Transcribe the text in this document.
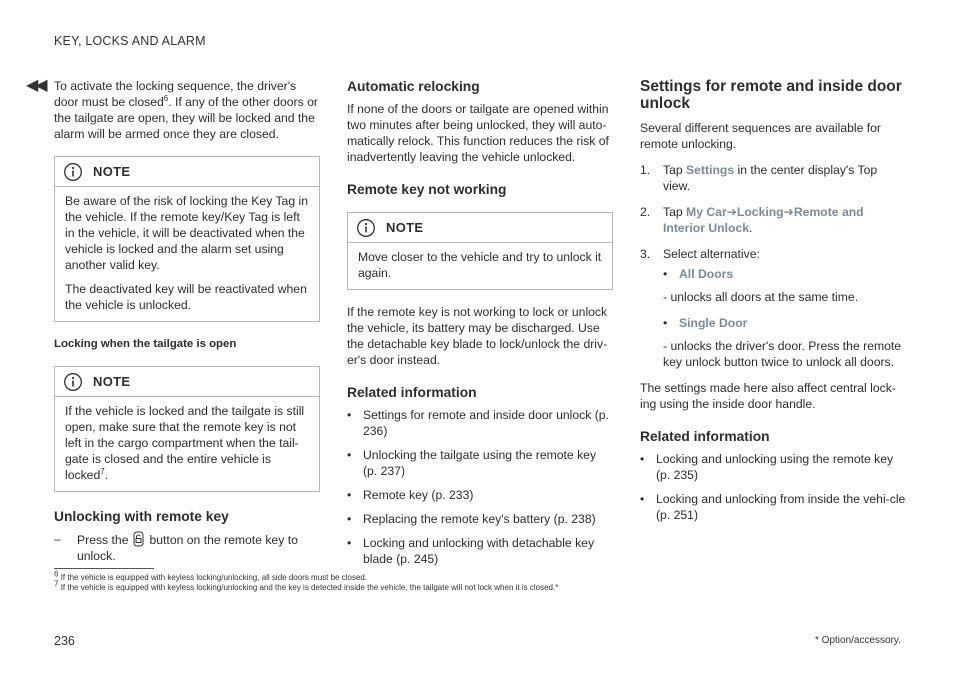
◀◀
KEY, LOCKS AND ALARM

To activate the locking sequence, the driver's door must be closed$^6$. If any of the other doors or the tailgate are open, they will be locked and the alarm will be armed once they are closed.

NOTE

Be aware of the risk of locking the Key Tag in the vehicle. If the remote key/Key Tag is left in the vehicle, it will be deactivated when the vehicle is locked and the alarm set using another valid key.

The deactivated key will be reactivated when the vehicle is unlocked.

Locking when the tailgate is open
NOTE

If the vehicle is locked and the tailgate is still open, make sure that the remote key is not left in the cargo compartment when the tail-gate is closed and the entire vehicle is locked$^7$.

Unlocking with remote key
– Press the button on the remote key to unlock.
Automatic relocking

If none of the doors or tailgate are opened within two minutes after being unlocked, they will auto-matically relock. This function reduces the risk of inadvertently leaving the vehicle unlocked.

Remote key not working
NOTE

Move closer to the vehicle and try to unlock it again.

If the remote key is not working to lock or unlock the vehicle, its battery may be discharged. Use the detachable key blade to lock/unlock the driv-er's door instead.

Related information
• Settings for remote and inside door unlock (p. 236)
• Unlocking the tailgate using the remote key (p. 237)
• Remote key (p. 233)
• Replacing the remote key's battery (p. 238)
• Locking and unlocking with detachable key blade (p. 245)
Settings for remote and inside door unlock

Several different sequences are available for remote unlocking.

1. Tap Settings in the center display's Top view.
2. Tap My Car➔Locking➔Remote and Interior Unlock.
3. Select alternative:
• All Doors
- unlocks all doors at the same time.
• Single Door
- unlocks the driver's door. Press the remote key unlock button twice to unlock all doors.

The settings made here also affect central lock-ing using the inside door handle.

Related information
• Locking and unlocking using the remote key (p. 235)
• Locking and unlocking from inside the vehi-cle (p. 251)
$^6$ If the vehicle is equipped with keyless locking/unlocking, all side doors must be closed.
$^7$ If the vehicle is equipped with keyless locking/unlocking and the key is detected inside the vehicle, the tailgate will not lock when it is closed.*
236	* Option/accessory.
